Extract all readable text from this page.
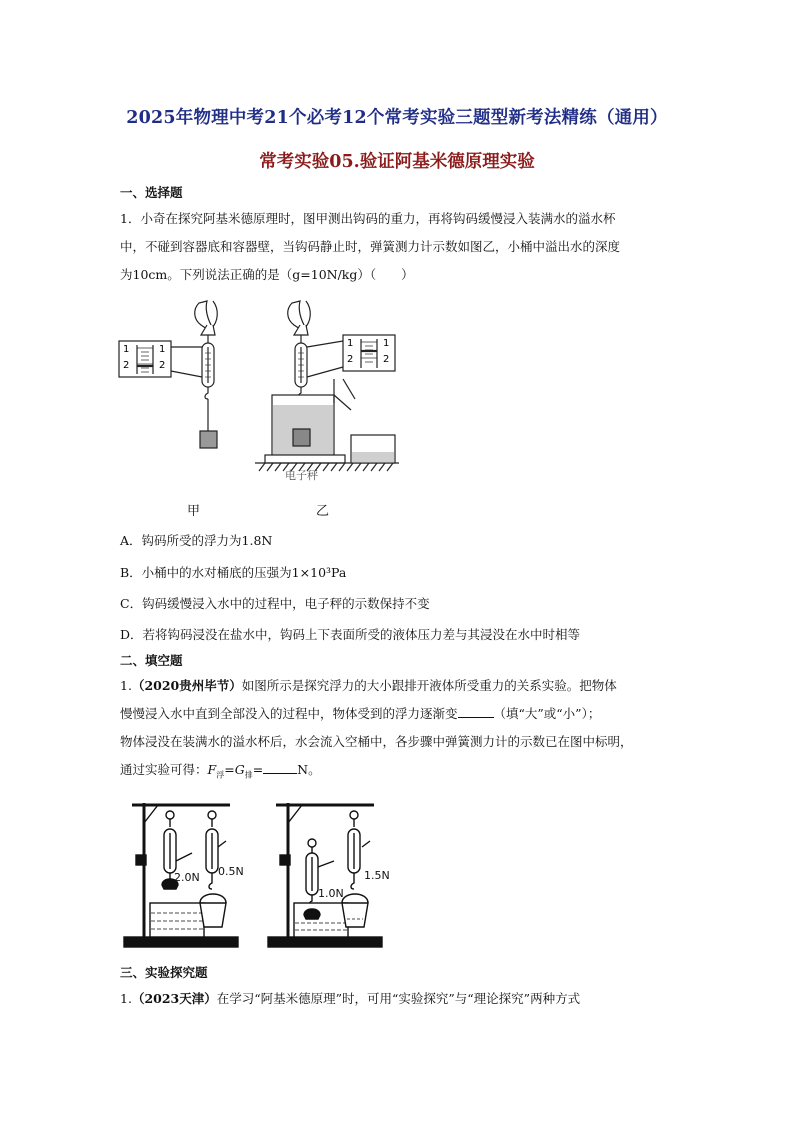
2025年物理中考21个必考12个常考实验三题型新考法精练（通用）
常考实验05.验证阿基米德原理实验
一、选择题
1．小奇在探究阿基米德原理时，图甲测出钩码的重力，再将钩码缓慢浸入装满水的溢水杯
中，不碰到容器底和容器壁，当钩码静止时，弹簧测力计示数如图乙，小桶中溢出水的深度
为10cm。下列说法正确的是（g=10N/kg）（　　）
1
2
1
2
1
2
1
2
电子秤
甲	乙
A．钩码所受的浮力为1.8N
B．小桶中的水对桶底的压强为1×10³Pa
C．钩码缓慢浸入水中的过程中，电子秤的示数保持不变
D．若将钩码浸没在盐水中，钩码上下表面所受的液体压力差与其浸没在水中时相等
二、填空题
1.（2020贵州毕节）如图所示是探究浮力的大小跟排开液体所受重力的关系实验。把物体
慢慢浸入水中直到全部没入的过程中，物体受到的浮力逐渐变	（填“大”或“小”）；
物体浸没在装满水的溢水杯后，水会流入空桶中，各步骤中弹簧测力计的示数已在图中标明，
通过实验可得：$F_浮=G_排=$	N。
2.0N 0.5N
1.0N
1.5N
三、实验探究题
1.（2023天津）在学习“阿基米德原理”时，可用“实验探究”与“理论探究”两种方式
